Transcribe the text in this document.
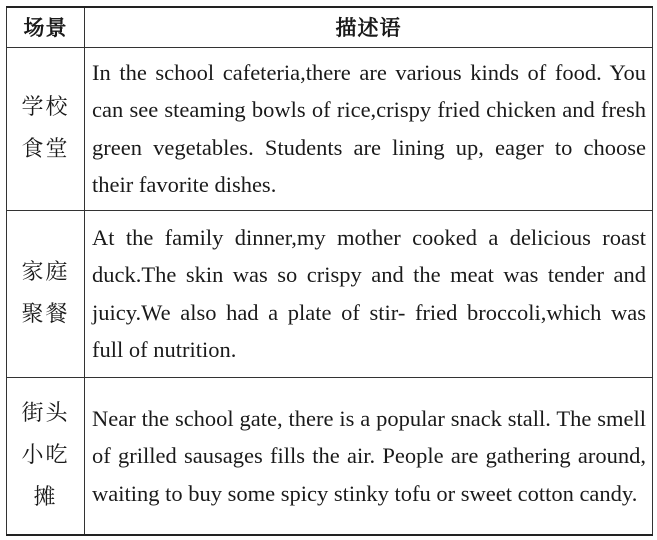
场景	描述语

学校
食堂	In the school cafeteria,there are various kinds of food. You can see steaming bowls of rice,crispy fried chicken and fresh green vegetables. Students are lining up, eager to choose their favorite dishes.

家庭
聚餐	At the family dinner,my mother cooked a delicious roast duck.The skin was so crispy and the meat was tender and juicy.We also had a plate of stir- fried broccoli,which was full of nutrition.

街头
小吃
摊	Near the school gate, there is a popular snack stall. The smell of grilled sausages fills the air. People are gathering around, waiting to buy some spicy stinky tofu or sweet cotton candy.
